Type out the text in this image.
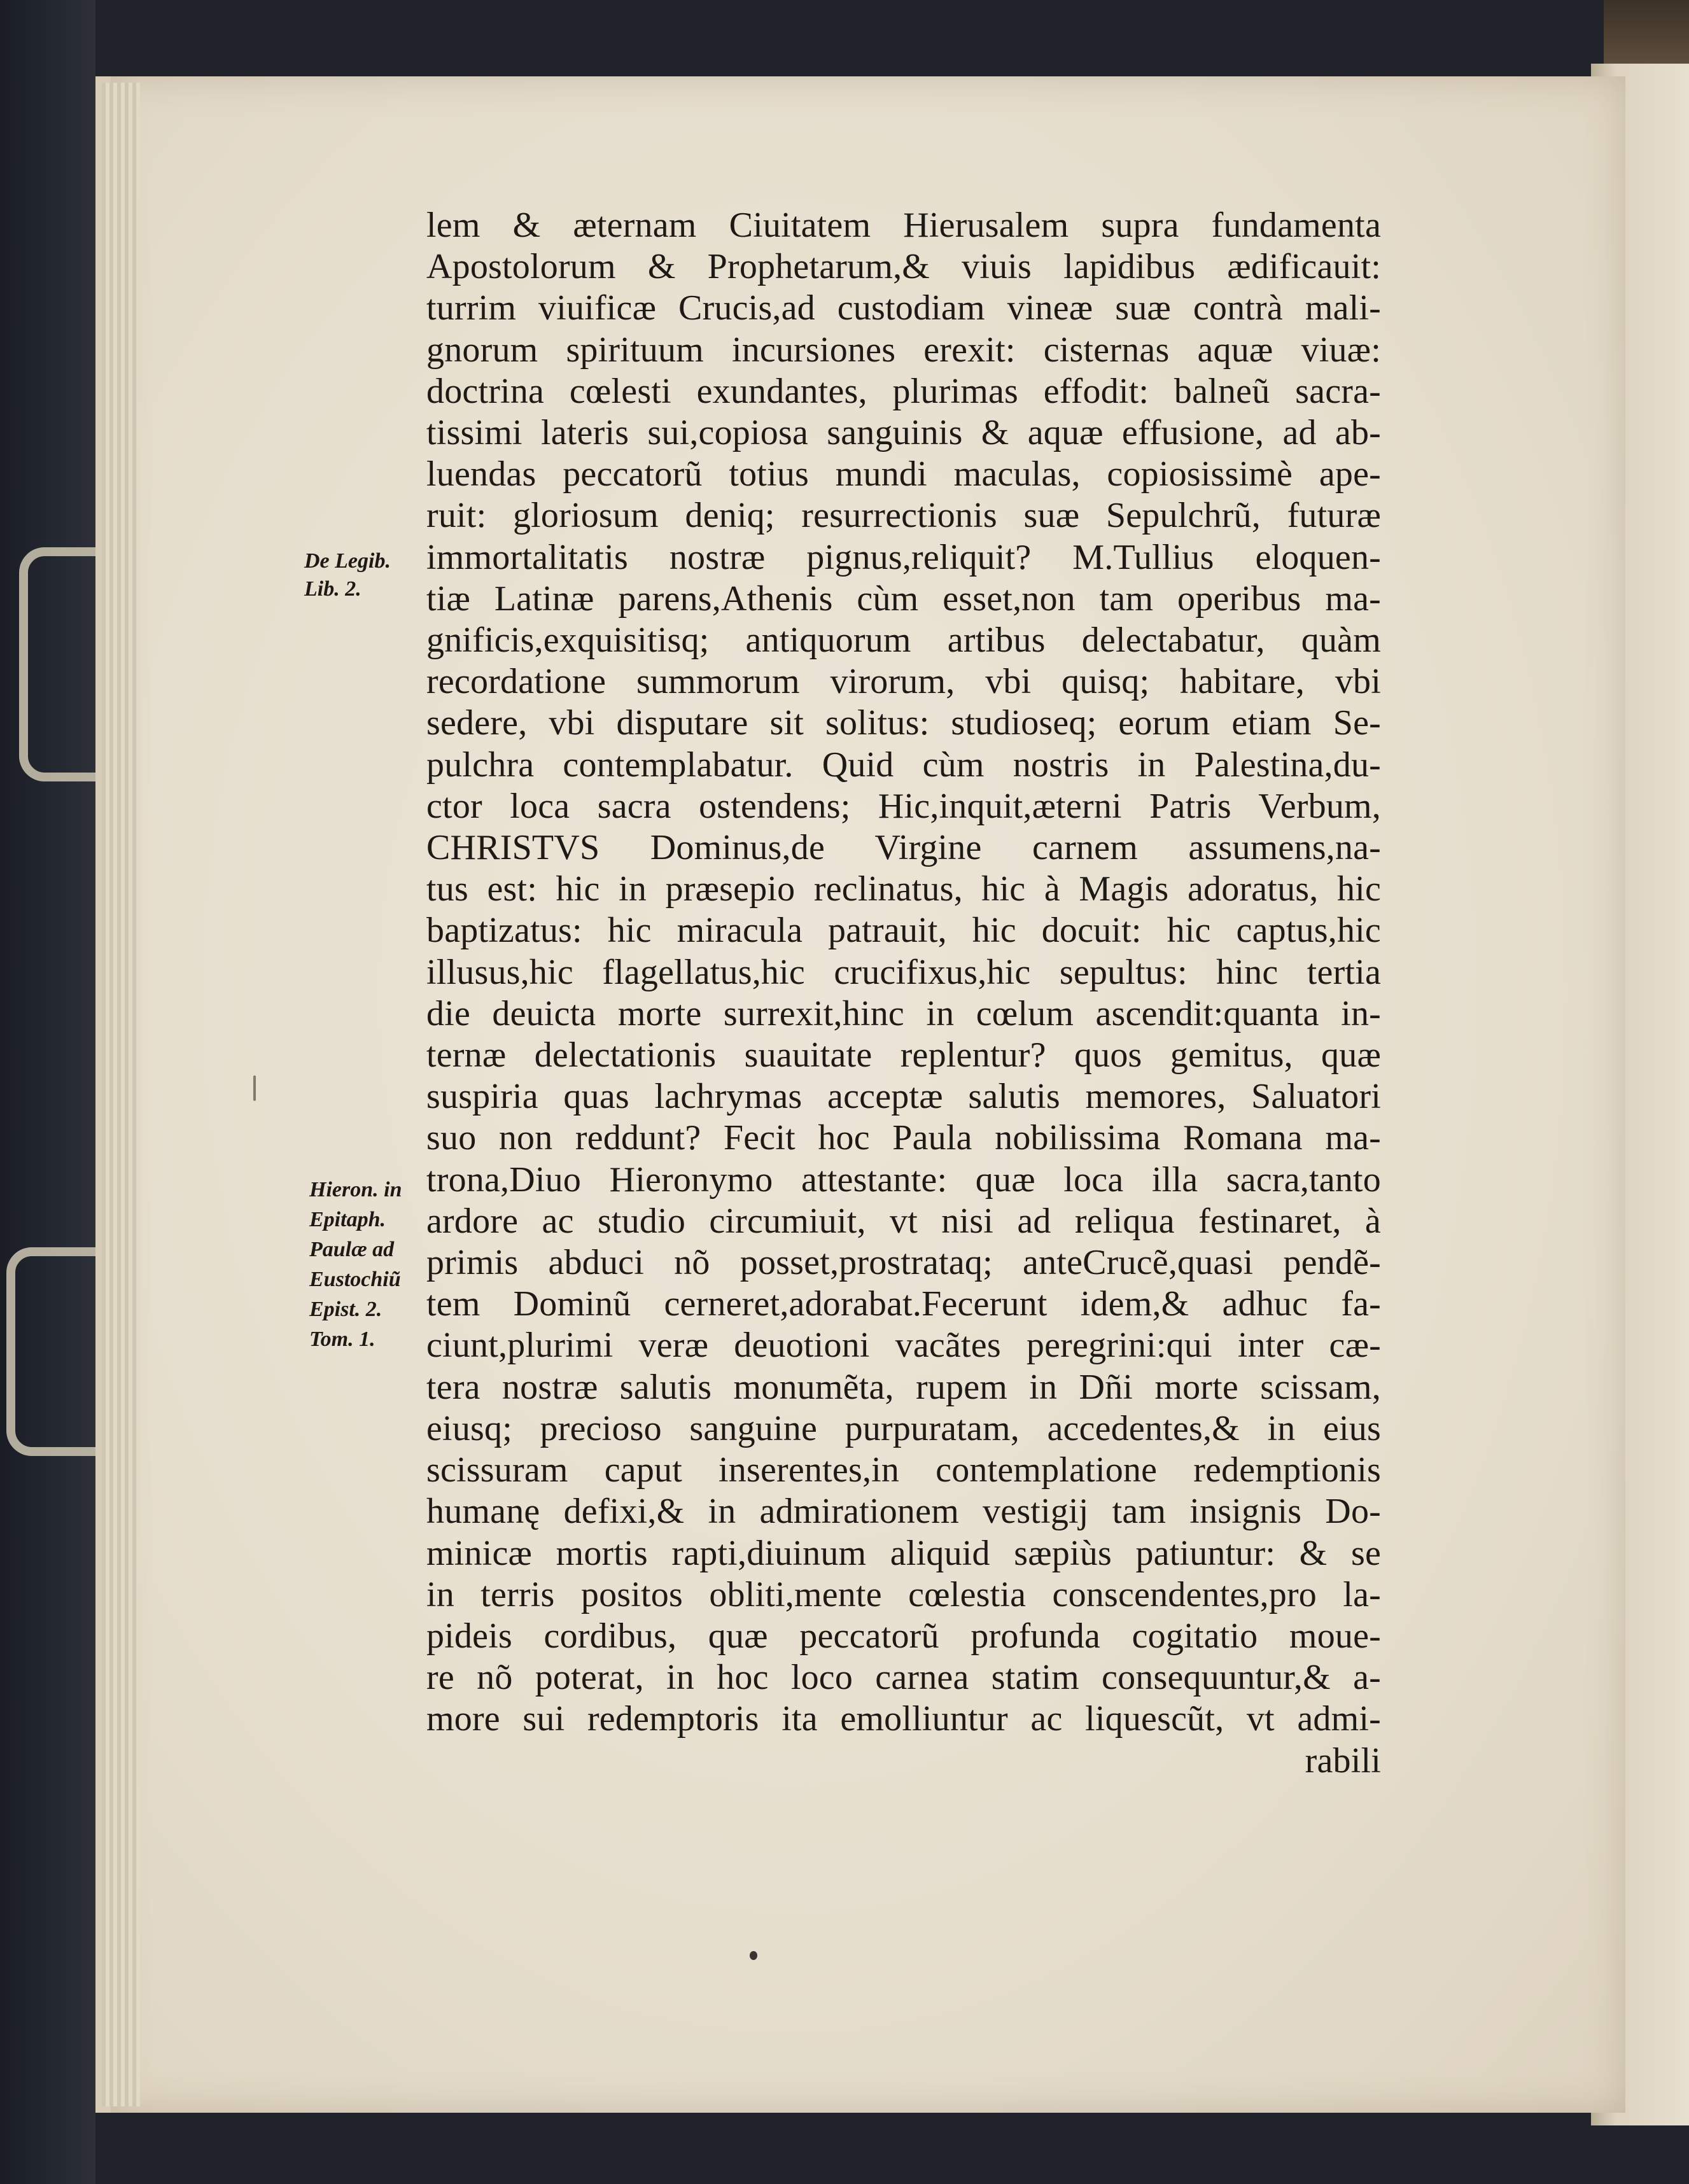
De Legib.
Lib. 2.
Hieron. in
Epitaph.
Paulæ ad
Eustochiũ
Epist. 2.
Tom. 1.
lem & æternam Ciuitatem Hierusalem supra fundamenta
Apostolorum & Prophetarum,& viuis lapidibus ædificauit:
turrim viuificæ Crucis,ad custodiam vineæ suæ contrà mali-
gnorum spirituum incursiones erexit: cisternas aquæ viuæ:
doctrina cœlesti exundantes, plurimas effodit: balneũ sacra-
tissimi lateris sui,copiosa sanguinis & aquæ effusione, ad ab-
luendas peccatorũ totius mundi maculas, copiosissimè ape-
ruit: gloriosum deniq; resurrectionis suæ Sepulchrũ, futuræ
immortalitatis nostræ pignus,reliquit? M.Tullius eloquen-
tiæ Latinæ parens,Athenis cùm esset,non tam operibus ma-
gnificis,exquisitisq; antiquorum artibus delectabatur, quàm
recordatione summorum virorum, vbi quisq; habitare, vbi
sedere, vbi disputare sit solitus: studioseq; eorum etiam Se-
pulchra contemplabatur. Quid cùm nostris in Palestina,du-
ctor loca sacra ostendens; Hic,inquit,æterni Patris Verbum,
CHRISTVS Dominus,de Virgine carnem assumens,na-
tus est: hic in præsepio reclinatus, hic à Magis adoratus, hic
baptizatus: hic miracula patrauit, hic docuit: hic captus,hic
illusus,hic flagellatus,hic crucifixus,hic sepultus: hinc tertia
die deuicta morte surrexit,hinc in cœlum ascendit:quanta in-
ternæ delectationis suauitate replentur? quos gemitus, quæ
suspiria quas lachrymas acceptæ salutis memores, Saluatori
suo non reddunt? Fecit hoc Paula nobilissima Romana ma-
trona,Diuo Hieronymo attestante: quæ loca illa sacra,tanto
ardore ac studio circumiuit, vt nisi ad reliqua festinaret, à
primis abduci nõ posset,prostrataq; anteCrucẽ,quasi pendẽ-
tem Dominũ cerneret,adorabat.Fecerunt idem,& adhuc fa-
ciunt,plurimi veræ deuotioni vacãtes peregrini:qui inter cæ-
tera nostræ salutis monumẽta, rupem in Dñi morte scissam,
eiusq; precioso sanguine purpuratam, accedentes,& in eius
scissuram caput inserentes,in contemplatione redemptionis
humanę defixi,& in admirationem vestigij tam insignis Do-
minicæ mortis rapti,diuinum aliquid sæpiùs patiuntur: & se
in terris positos obliti,mente cœlestia conscendentes,pro la-
pideis cordibus, quæ peccatorũ profunda cogitatio moue-
re nõ poterat, in hoc loco carnea statim consequuntur,& a-
more sui redemptoris ita emolliuntur ac liquescũt, vt admi-
rabili
